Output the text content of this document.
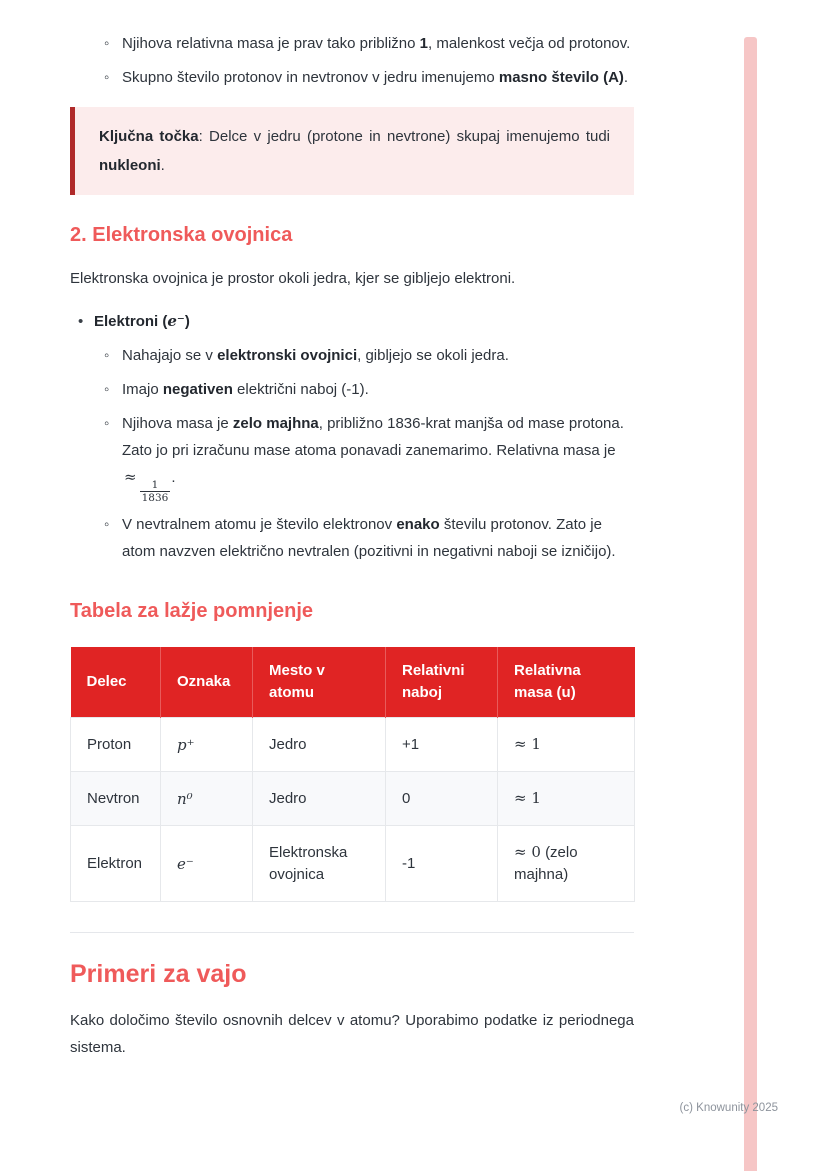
◦ Njihova relativna masa je prav tako približno 1, malenkost večja od protonov.
◦ Skupno število protonov in nevtronov v jedru imenujemo masno število (A).

Ključna točka: Delce v jedru (protone in nevtrone) skupaj imenujemo tudi nukleoni.

2. Elektronska ovojnica

Elektronska ovojnica je prostor okoli jedra, kjer se gibljejo elektroni.

• Elektroni (e⁻)
◦ Nahajajo se v elektronski ovojnici, gibljejo se okoli jedra.
◦ Imajo negativen električni naboj (-1).
◦ Njihova masa je zelo majhna, približno 1836-krat manjša od mase protona. Zato jo pri izračunu mase atoma ponavadi zanemarimo. Relativna masa je ≈
$\frac{1}{1836}$
.
◦ V nevtralnem atomu je število elektronov enako številu protonov. Zato je atom navzven električno nevtralen (pozitivni in negativni naboji se izničijo).
Tabela za lažje pomnjenje
Delec	Oznaka	Mesto v atomu	Relativni naboj	Relativna masa (u)
Proton	p⁺	Jedro	+1	≈ 1
Nevtron	n⁰	Jedro	0	≈ 1
Elektron	e⁻	Elektronska ovojnica	-1	≈ 0 (zelo majhna)
Primeri za vajo

Kako določimo število osnovnih delcev v atomu? Uporabimo podatke iz periodnega sistema.

(c) Knowunity 2025
